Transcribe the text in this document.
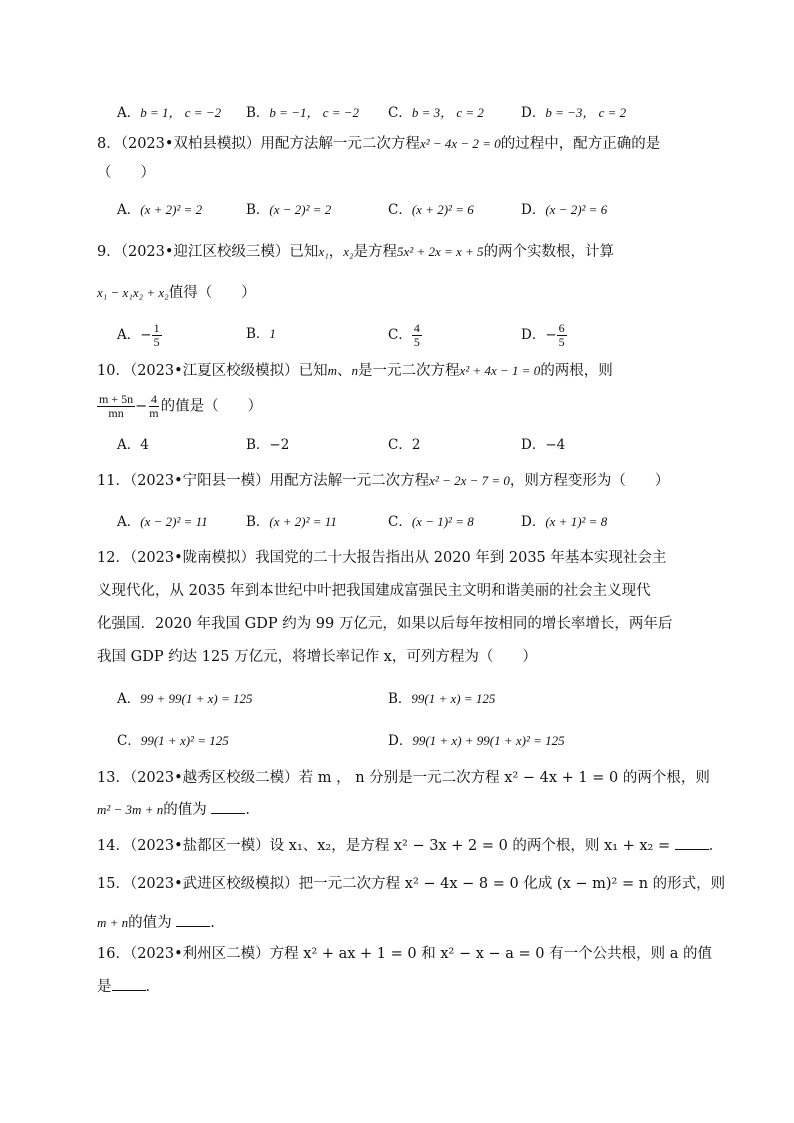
A．b = 1， c = −2 B．b = −1， c = −2 C．b = 3， c = 2	D．b = −3， c = 2
8．（2023•双柏县模拟）用配方法解一元二次方程x² − 4x − 2 = 0的过程中，配方正确的是
（　　）
A．(x + 2)² = 2	B．(x − 2)² = 2	C．(x + 2)² = 6	D．(x − 2)² = 6
9．（2023•迎江区校级三模）已知x₁，x₂是方程5x² + 2x = x + 5的两个实数根，计算
x₁ − x₁x₂ + x₂值得（　　）
A．− $\frac{1}{5}$	B．1	C． $\frac{4}{5}$	D．− $\frac{6}{5}$
10．（2023•江夏区校级模拟）已知m、n是一元二次方程x² + 4x − 1 = 0的两根，则
$\frac{m + 5n}{mn} - \frac{4}{m}$ 的值是（　　）
A．4	B．−2	C．2	D．−4
11．（2023•宁阳县一模）用配方法解一元二次方程x² − 2x − 7 = 0，则方程变形为（　　）
A．(x − 2)² = 11	B．(x + 2)² = 11	C．(x − 1)² = 8	D．(x + 1)² = 8
12．（2023•陇南模拟）我国党的二十大报告指出从 2020 年到 2035 年基本实现社会主
义现代化，从 2035 年到本世纪中叶把我国建成富强民主文明和谐美丽的社会主义现代
化强国．2020 年我国 GDP 约为 99 万亿元，如果以后每年按相同的增长率增长，两年后
我国 GDP 约达 125 万亿元，将增长率记作 x，可列方程为（　　）
A．99 + 99(1 + x) = 125	B．99(1 + x) = 125
C．99(1 + x)² = 125	D．99(1 + x) + 99(1 + x)² = 125
13．（2023•越秀区校级二模）若 m ， n 分别是一元二次方程 x² − 4x + 1 = 0 的两个根，则
m² − 3m + n的值为	．
14．（2023•盐都区一模）设 x₁、x₂，是方程 x² − 3x + 2 = 0 的两个根，则 x₁ + x₂ =	．
15．（2023•武进区校级模拟）把一元二次方程 x² − 4x − 8 = 0 化成 (x − m)² = n 的形式，则
m + n的值为	．
16．（2023•利州区二模）方程 x² + ax + 1 = 0 和 x² − x − a = 0 有一个公共根，则 a 的值
是 ．
